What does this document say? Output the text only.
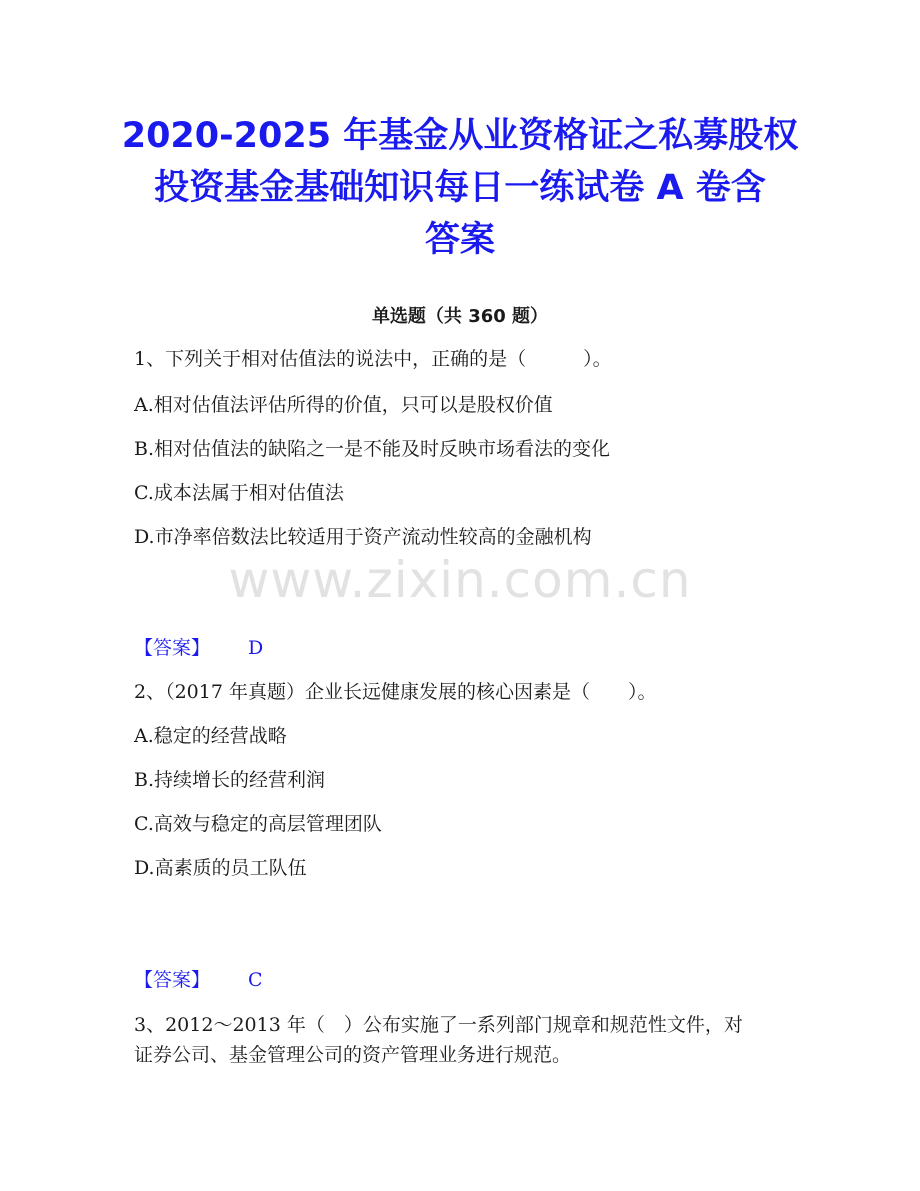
2020-2025 年基金从业资格证之私募股权
投资基金基础知识每日一练试卷 A 卷含
答案
单选题（共 360 题）
1、下列关于相对估值法的说法中，正确的是（　　　）。
A.相对估值法评估所得的价值，只可以是股权价值
B.相对估值法的缺陷之一是不能及时反映市场看法的变化
C.成本法属于相对估值法
D.市净率倍数法比较适用于资产流动性较高的金融机构
www.zixin.com.cn
【答案】 D
2、（2017 年真题）企业长远健康发展的核心因素是（　　）。
A.稳定的经营战略
B.持续增长的经营利润
C.高效与稳定的高层管理团队
D.高素质的员工队伍
【答案】 C
3、2012～2013 年（　）公布实施了一系列部门规章和规范性文件，对
证券公司、基金管理公司的资产管理业务进行规范。
